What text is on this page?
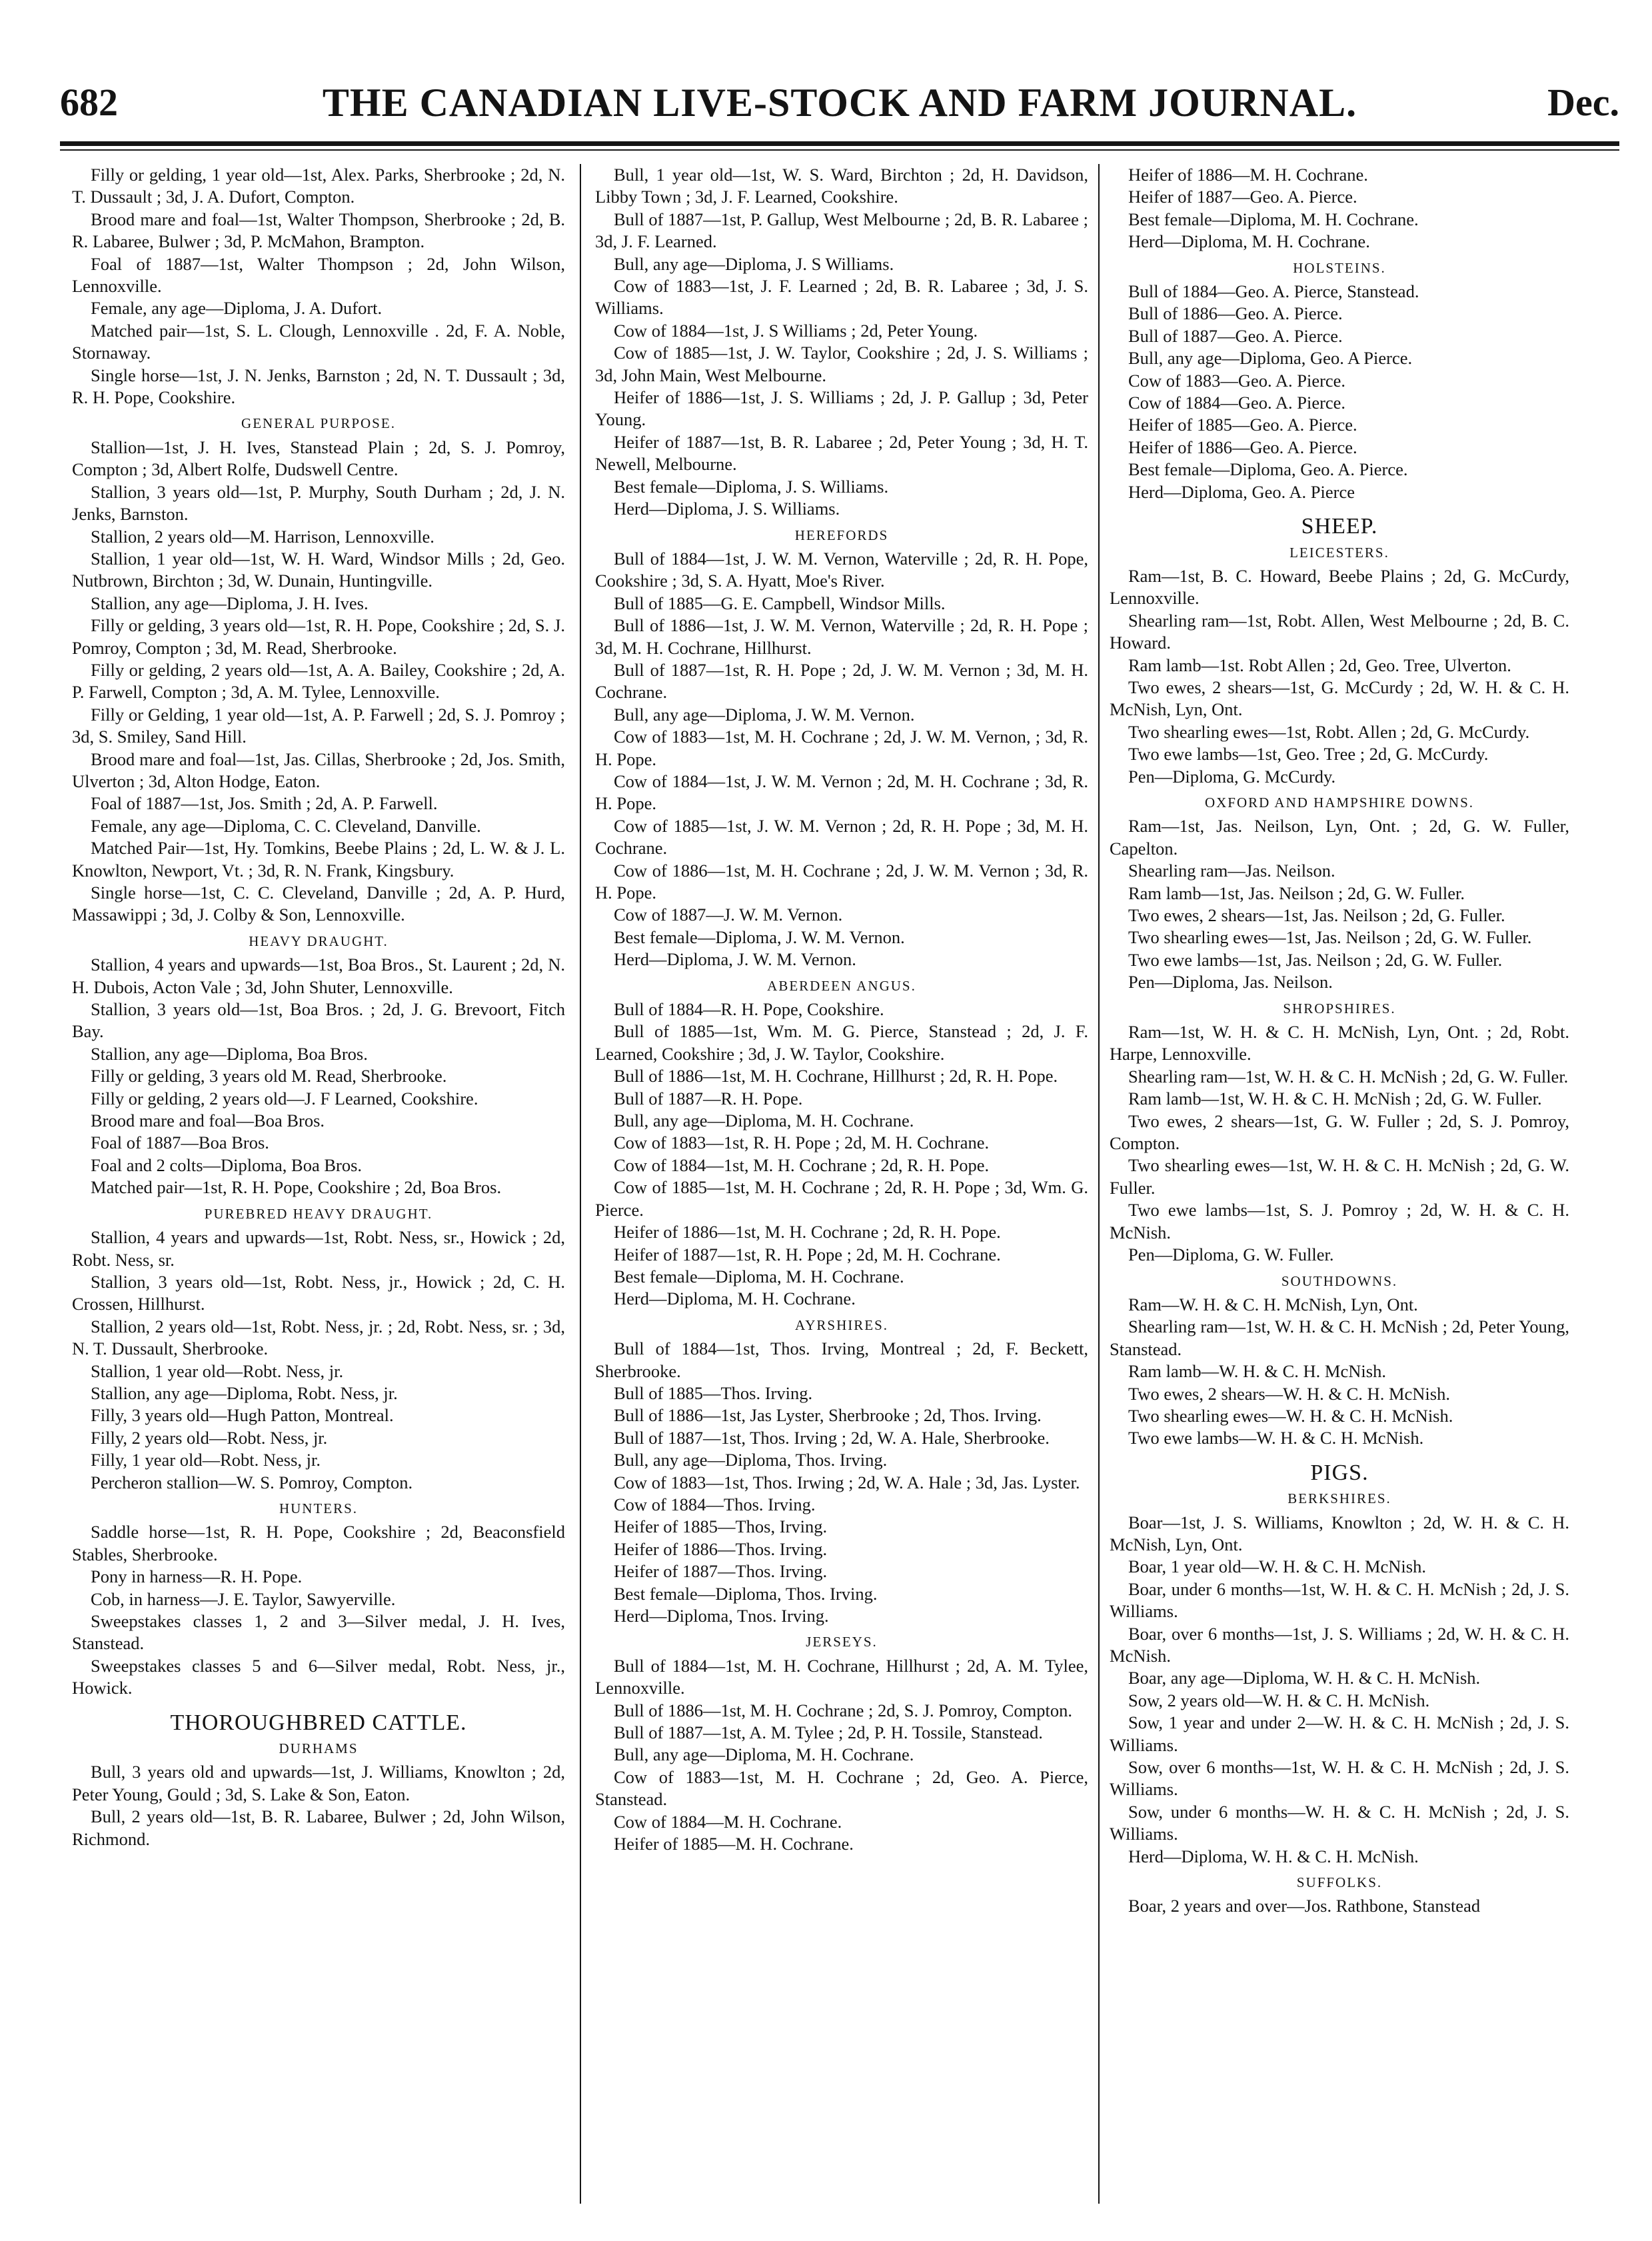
682	THE CANADIAN LIVE-STOCK AND FARM JOURNAL.	Dec.

Filly or gelding, 1 year old—1st, Alex. Parks, Sherbrooke ; 2d, N. T. Dussault ; 3d, J. A. Dufort, Compton.

Brood mare and foal—1st, Walter Thompson, Sherbrooke ; 2d, B. R. Labaree, Bulwer ; 3d, P. McMahon, Brampton.

Foal of 1887—1st, Walter Thompson ; 2d, John Wilson, Lennoxville.

Female, any age—Diploma, J. A. Dufort.

Matched pair—1st, S. L. Clough, Lennoxville . 2d, F. A. Noble, Stornaway.

Single horse—1st, J. N. Jenks, Barnston ; 2d, N. T. Dussault ; 3d, R. H. Pope, Cookshire.

GENERAL PURPOSE.

Stallion—1st, J. H. Ives, Stanstead Plain ; 2d, S. J. Pomroy, Compton ; 3d, Albert Rolfe, Dudswell Centre.

Stallion, 3 years old—1st, P. Murphy, South Durham ; 2d, J. N. Jenks, Barnston.

Stallion, 2 years old—M. Harrison, Lennoxville.

Stallion, 1 year old—1st, W. H. Ward, Windsor Mills ; 2d, Geo. Nutbrown, Birchton ; 3d, W. Dunain, Huntingville.

Stallion, any age—Diploma, J. H. Ives.

Filly or gelding, 3 years old—1st, R. H. Pope, Cookshire ; 2d, S. J. Pomroy, Compton ; 3d, M. Read, Sherbrooke.

Filly or gelding, 2 years old—1st, A. A. Bailey, Cookshire ; 2d, A. P. Farwell, Compton ; 3d, A. M. Tylee, Lennoxville.

Filly or Gelding, 1 year old—1st, A. P. Farwell ; 2d, S. J. Pomroy ; 3d, S. Smiley, Sand Hill.

Brood mare and foal—1st, Jas. Cillas, Sherbrooke ; 2d, Jos. Smith, Ulverton ; 3d, Alton Hodge, Eaton.

Foal of 1887—1st, Jos. Smith ; 2d, A. P. Farwell.

Female, any age—Diploma, C. C. Cleveland, Danville.

Matched Pair—1st, Hy. Tomkins, Beebe Plains ; 2d, L. W. & J. L. Knowlton, Newport, Vt. ; 3d, R. N. Frank, Kingsbury.

Single horse—1st, C. C. Cleveland, Danville ; 2d, A. P. Hurd, Massawippi ; 3d, J. Colby & Son, Lennoxville.

HEAVY DRAUGHT.

Stallion, 4 years and upwards—1st, Boa Bros., St. Laurent ; 2d, N. H. Dubois, Acton Vale ; 3d, John Shuter, Lennoxville.

Stallion, 3 years old—1st, Boa Bros. ; 2d, J. G. Brevoort, Fitch Bay.

Stallion, any age—Diploma, Boa Bros.

Filly or gelding, 3 years old M. Read, Sherbrooke.

Filly or gelding, 2 years old—J. F Learned, Cookshire.

Brood mare and foal—Boa Bros.

Foal of 1887—Boa Bros.

Foal and 2 colts—Diploma, Boa Bros.

Matched pair—1st, R. H. Pope, Cookshire ; 2d, Boa Bros.

PUREBRED HEAVY DRAUGHT.

Stallion, 4 years and upwards—1st, Robt. Ness, sr., Howick ; 2d, Robt. Ness, sr.

Stallion, 3 years old—1st, Robt. Ness, jr., Howick ; 2d, C. H. Crossen, Hillhurst.

Stallion, 2 years old—1st, Robt. Ness, jr. ; 2d, Robt. Ness, sr. ; 3d, N. T. Dussault, Sherbrooke.

Stallion, 1 year old—Robt. Ness, jr.

Stallion, any age—Diploma, Robt. Ness, jr.

Filly, 3 years old—Hugh Patton, Montreal.

Filly, 2 years old—Robt. Ness, jr.

Filly, 1 year old—Robt. Ness, jr.

Percheron stallion—W. S. Pomroy, Compton.

HUNTERS.

Saddle horse—1st, R. H. Pope, Cookshire ; 2d, Beaconsfield Stables, Sherbrooke.

Pony in harness—R. H. Pope.

Cob, in harness—J. E. Taylor, Sawyerville.

Sweepstakes classes 1, 2 and 3—Silver medal, J. H. Ives, Stanstead.

Sweepstakes classes 5 and 6—Silver medal, Robt. Ness, jr., Howick.

THOROUGHBRED CATTLE.

DURHAMS

Bull, 3 years old and upwards—1st, J. Williams, Knowlton ; 2d, Peter Young, Gould ; 3d, S. Lake & Son, Eaton.

Bull, 2 years old—1st, B. R. Labaree, Bulwer ; 2d, John Wilson, Richmond.

Bull, 1 year old—1st, W. S. Ward, Birchton ; 2d, H. Davidson, Libby Town ; 3d, J. F. Learned, Cookshire.

Bull of 1887—1st, P. Gallup, West Melbourne ; 2d, B. R. Labaree ; 3d, J. F. Learned.

Bull, any age—Diploma, J. S Williams.

Cow of 1883—1st, J. F. Learned ; 2d, B. R. Labaree ; 3d, J. S. Williams.

Cow of 1884—1st, J. S Williams ; 2d, Peter Young.

Cow of 1885—1st, J. W. Taylor, Cookshire ; 2d, J. S. Williams ; 3d, John Main, West Melbourne.

Heifer of 1886—1st, J. S. Williams ; 2d, J. P. Gallup ; 3d, Peter Young.

Heifer of 1887—1st, B. R. Labaree ; 2d, Peter Young ; 3d, H. T. Newell, Melbourne.

Best female—Diploma, J. S. Williams.

Herd—Diploma, J. S. Williams.

HEREFORDS

Bull of 1884—1st, J. W. M. Vernon, Waterville ; 2d, R. H. Pope, Cookshire ; 3d, S. A. Hyatt, Moe's River.

Bull of 1885—G. E. Campbell, Windsor Mills.

Bull of 1886—1st, J. W. M. Vernon, Waterville ; 2d, R. H. Pope ; 3d, M. H. Cochrane, Hillhurst.

Bull of 1887—1st, R. H. Pope ; 2d, J. W. M. Vernon ; 3d, M. H. Cochrane.

Bull, any age—Diploma, J. W. M. Vernon.

Cow of 1883—1st, M. H. Cochrane ; 2d, J. W. M. Vernon, ; 3d, R. H. Pope.

Cow of 1884—1st, J. W. M. Vernon ; 2d, M. H. Cochrane ; 3d, R. H. Pope.

Cow of 1885—1st, J. W. M. Vernon ; 2d, R. H. Pope ; 3d, M. H. Cochrane.

Cow of 1886—1st, M. H. Cochrane ; 2d, J. W. M. Vernon ; 3d, R. H. Pope.

Cow of 1887—J. W. M. Vernon.

Best female—Diploma, J. W. M. Vernon.

Herd—Diploma, J. W. M. Vernon.

ABERDEEN ANGUS.

Bull of 1884—R. H. Pope, Cookshire.

Bull of 1885—1st, Wm. M. G. Pierce, Stanstead ; 2d, J. F. Learned, Cookshire ; 3d, J. W. Taylor, Cookshire.

Bull of 1886—1st, M. H. Cochrane, Hillhurst ; 2d, R. H. Pope.

Bull of 1887—R. H. Pope.

Bull, any age—Diploma, M. H. Cochrane.

Cow of 1883—1st, R. H. Pope ; 2d, M. H. Cochrane.

Cow of 1884—1st, M. H. Cochrane ; 2d, R. H. Pope.

Cow of 1885—1st, M. H. Cochrane ; 2d, R. H. Pope ; 3d, Wm. G. Pierce.

Heifer of 1886—1st, M. H. Cochrane ; 2d, R. H. Pope.

Heifer of 1887—1st, R. H. Pope ; 2d, M. H. Cochrane.

Best female—Diploma, M. H. Cochrane.

Herd—Diploma, M. H. Cochrane.

AYRSHIRES.

Bull of 1884—1st, Thos. Irving, Montreal ; 2d, F. Beckett, Sherbrooke.

Bull of 1885—Thos. Irving.

Bull of 1886—1st, Jas Lyster, Sherbrooke ; 2d, Thos. Irving.

Bull of 1887—1st, Thos. Irving ; 2d, W. A. Hale, Sherbrooke.

Bull, any age—Diploma, Thos. Irving.

Cow of 1883—1st, Thos. Irwing ; 2d, W. A. Hale ; 3d, Jas. Lyster.

Cow of 1884—Thos. Irving.

Heifer of 1885—Thos, Irving.

Heifer of 1886—Thos. Irving.

Heifer of 1887—Thos. Irving.

Best female—Diploma, Thos. Irving.

Herd—Diploma, Tnos. Irving.

JERSEYS.

Bull of 1884—1st, M. H. Cochrane, Hillhurst ; 2d, A. M. Tylee, Lennoxville.

Bull of 1886—1st, M. H. Cochrane ; 2d, S. J. Pomroy, Compton.

Bull of 1887—1st, A. M. Tylee ; 2d, P. H. Tossile, Stanstead.

Bull, any age—Diploma, M. H. Cochrane.

Cow of 1883—1st, M. H. Cochrane ; 2d, Geo. A. Pierce, Stanstead.

Cow of 1884—M. H. Cochrane.

Heifer of 1885—M. H. Cochrane.

Heifer of 1886—M. H. Cochrane.

Heifer of 1887—Geo. A. Pierce.

Best female—Diploma, M. H. Cochrane.

Herd—Diploma, M. H. Cochrane.

HOLSTEINS.

Bull of 1884—Geo. A. Pierce, Stanstead.

Bull of 1886—Geo. A. Pierce.

Bull of 1887—Geo. A. Pierce.

Bull, any age—Diploma, Geo. A Pierce.

Cow of 1883—Geo. A. Pierce.

Cow of 1884—Geo. A. Pierce.

Heifer of 1885—Geo. A. Pierce.

Heifer of 1886—Geo. A. Pierce.

Best female—Diploma, Geo. A. Pierce.

Herd—Diploma, Geo. A. Pierce

SHEEP.

LEICESTERS.

Ram—1st, B. C. Howard, Beebe Plains ; 2d, G. McCurdy, Lennoxville.

Shearling ram—1st, Robt. Allen, West Melbourne ; 2d, B. C. Howard.

Ram lamb—1st. Robt Allen ; 2d, Geo. Tree, Ulverton.

Two ewes, 2 shears—1st, G. McCurdy ; 2d, W. H. & C. H. McNish, Lyn, Ont.

Two shearling ewes—1st, Robt. Allen ; 2d, G. McCurdy.

Two ewe lambs—1st, Geo. Tree ; 2d, G. McCurdy.

Pen—Diploma, G. McCurdy.

OXFORD AND HAMPSHIRE DOWNS.

Ram—1st, Jas. Neilson, Lyn, Ont. ; 2d, G. W. Fuller, Capelton.

Shearling ram—Jas. Neilson.

Ram lamb—1st, Jas. Neilson ; 2d, G. W. Fuller.

Two ewes, 2 shears—1st, Jas. Neilson ; 2d, G. Fuller.

Two shearling ewes—1st, Jas. Neilson ; 2d, G. W. Fuller.

Two ewe lambs—1st, Jas. Neilson ; 2d, G. W. Fuller.

Pen—Diploma, Jas. Neilson.

SHROPSHIRES.

Ram—1st, W. H. & C. H. McNish, Lyn, Ont. ; 2d, Robt. Harpe, Lennoxville.

Shearling ram—1st, W. H. & C. H. McNish ; 2d, G. W. Fuller.

Ram lamb—1st, W. H. & C. H. McNish ; 2d, G. W. Fuller.

Two ewes, 2 shears—1st, G. W. Fuller ; 2d, S. J. Pomroy, Compton.

Two shearling ewes—1st, W. H. & C. H. McNish ; 2d, G. W. Fuller.

Two ewe lambs—1st, S. J. Pomroy ; 2d, W. H. & C. H. McNish.

Pen—Diploma, G. W. Fuller.

SOUTHDOWNS.

Ram—W. H. & C. H. McNish, Lyn, Ont.

Shearling ram—1st, W. H. & C. H. McNish ; 2d, Peter Young, Stanstead.

Ram lamb—W. H. & C. H. McNish.

Two ewes, 2 shears—W. H. & C. H. McNish.

Two shearling ewes—W. H. & C. H. McNish.

Two ewe lambs—W. H. & C. H. McNish.

PIGS.

BERKSHIRES.

Boar—1st, J. S. Williams, Knowlton ; 2d, W. H. & C. H. McNish, Lyn, Ont.

Boar, 1 year old—W. H. & C. H. McNish.

Boar, under 6 months—1st, W. H. & C. H. McNish ; 2d, J. S. Williams.

Boar, over 6 months—1st, J. S. Williams ; 2d, W. H. & C. H. McNish.

Boar, any age—Diploma, W. H. & C. H. McNish.

Sow, 2 years old—W. H. & C. H. McNish.

Sow, 1 year and under 2—W. H. & C. H. McNish ; 2d, J. S. Williams.

Sow, over 6 months—1st, W. H. & C. H. McNish ; 2d, J. S. Williams.

Sow, under 6 months—W. H. & C. H. McNish ; 2d, J. S. Williams.

Herd—Diploma, W. H. & C. H. McNish.

SUFFOLKS.

Boar, 2 years and over—Jos. Rathbone, Stanstead
